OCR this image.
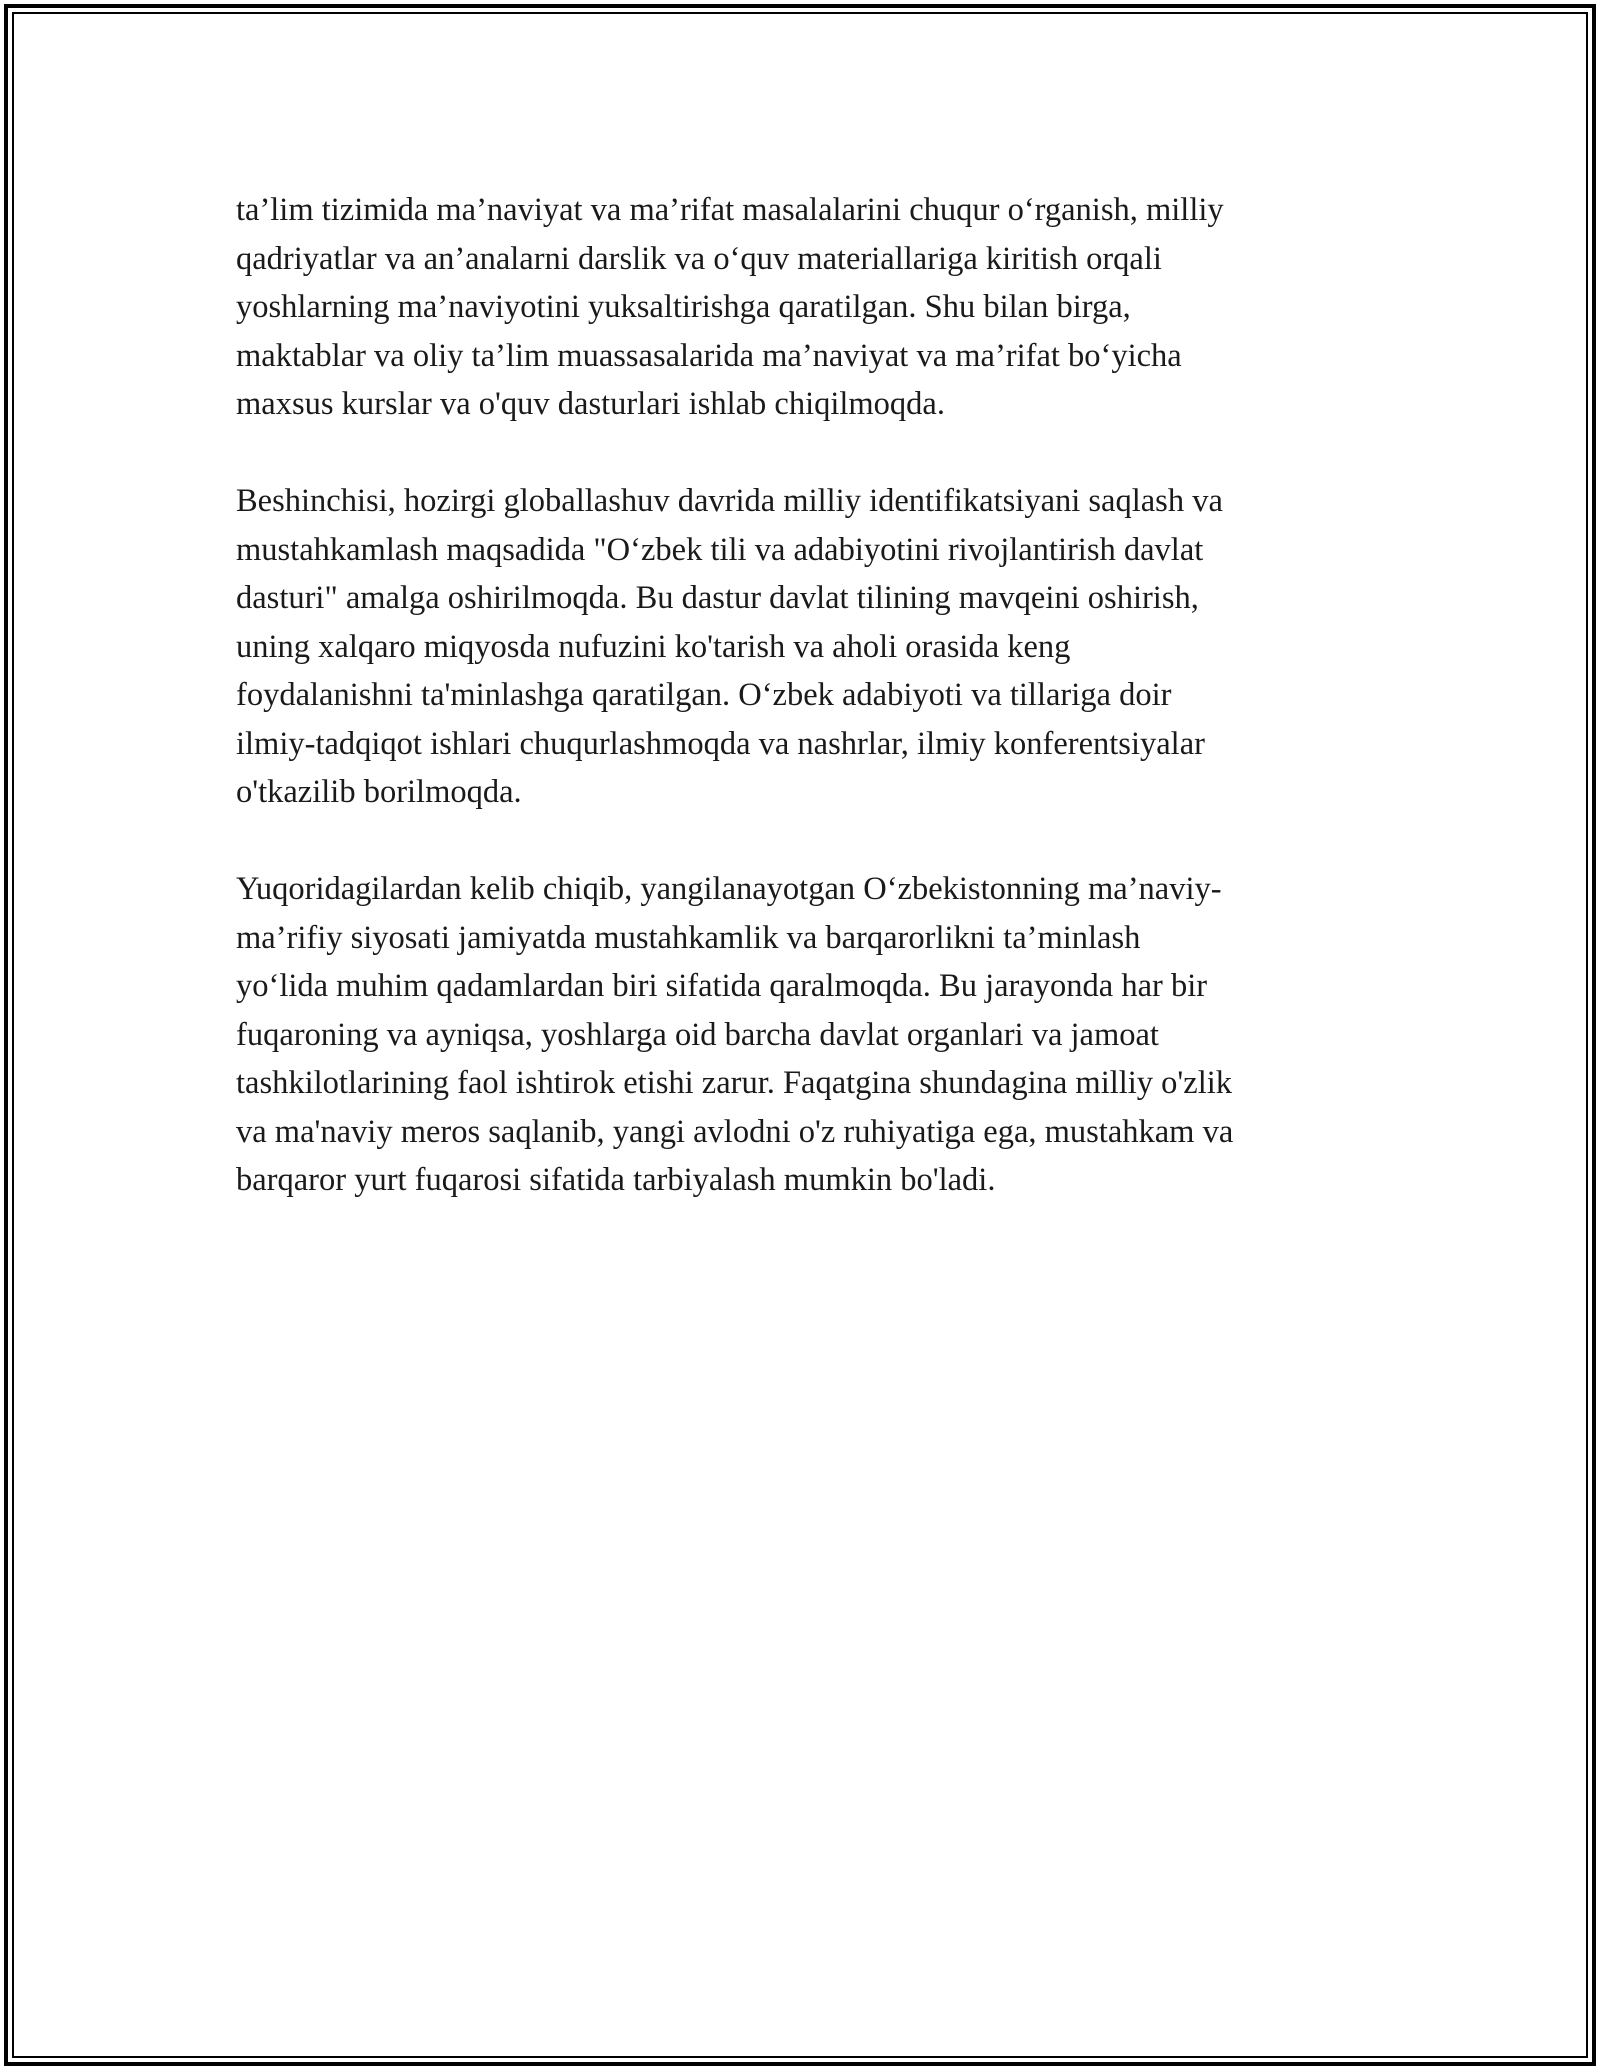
ta’lim tizimida ma’naviyat va ma’rifat masalalarini chuqur o‘rganish, milliy
qadriyatlar va an’analarni darslik va o‘quv materiallariga kiritish orqali
yoshlarning ma’naviyotini yuksaltirishga qaratilgan. Shu bilan birga,
maktablar va oliy ta’lim muassasalarida ma’naviyat va ma’rifat bo‘yicha
maxsus kurslar va o'quv dasturlari ishlab chiqilmoqda.

Beshinchisi, hozirgi globallashuv davrida milliy identifikatsiyani saqlash va
mustahkamlash maqsadida "O‘zbek tili va adabiyotini rivojlantirish davlat
dasturi" amalga oshirilmoqda. Bu dastur davlat tilining mavqeini oshirish,
uning xalqaro miqyosda nufuzini ko'tarish va aholi orasida keng
foydalanishni ta'minlashga qaratilgan. O‘zbek adabiyoti va tillariga doir
ilmiy-tadqiqot ishlari chuqurlashmoqda va nashrlar, ilmiy konferentsiyalar
o'tkazilib borilmoqda.

Yuqoridagilardan kelib chiqib, yangilanayotgan O‘zbekistonning ma’naviy-
ma’rifiy siyosati jamiyatda mustahkamlik va barqarorlikni ta’minlash
yo‘lida muhim qadamlardan biri sifatida qaralmoqda. Bu jarayonda har bir
fuqaroning va ayniqsa, yoshlarga oid barcha davlat organlari va jamoat
tashkilotlarining faol ishtirok etishi zarur. Faqatgina shundagina milliy o'zlik
va ma'naviy meros saqlanib, yangi avlodni o'z ruhiyatiga ega, mustahkam va
barqaror yurt fuqarosi sifatida tarbiyalash mumkin bo'ladi.
